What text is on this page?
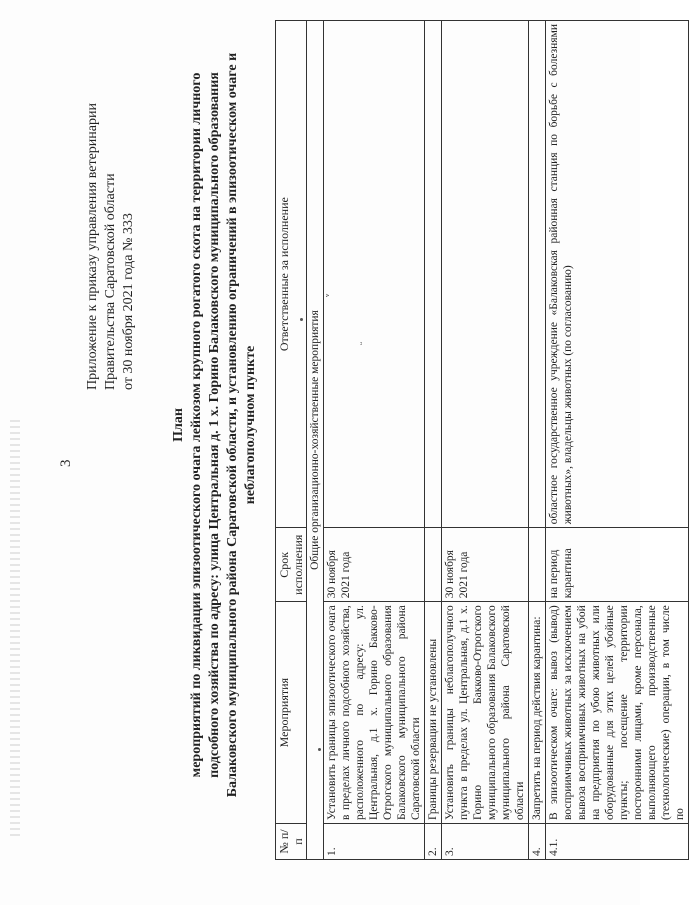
3
Приложение к приказу управления ветеринарии Правительства Саратовской области от 30 ноября 2021 года № 333
План мероприятий по ликвидации эпизоотического очага лейкозом крупного рогатого скота на территории личного подсобного хозяйства по адресу: улица Центральная д. 1 х. Горино Балаковского муниципального образования Балаковского муниципального района Саратовской области, и установлению ограничений в эпизоотическом очаге и неблагополучном пункте
№ п/п	Мероприятия	Срок исполнения	Ответственные за исполнение
Общие организационно-хозяйственные мероприятия			
1.	Установить границы эпизоотического очага в пределах личного подсобного хозяйства, расположенного по адресу: ул. Центральная, д.1 х. Горино Бакково-Отрогского муниципального образования Балаковского муниципального района Саратовской области	30 ноября 2021 года	
2.	Границы резервации не установлены		
3.	Установить границы неблагополучного пункта в пределах ул. Центральная, д.1 х. Горино Бакково-Отрогского муниципального образования Балаковского муниципального района Саратовской области	30 ноября 2021 года	
4.	Запретить на период действия карантина:		
4.1.	В эпизоотическом очаге: вывоз (вывод) восприимчивых животных за исключением вывоза восприимчивых животных на убой на предприятия по убою животных или оборудованные для этих целей убойные пункты; посещение территории посторонними лицами, кроме персонала, выполняющего производственные (технологические) операции, в том числе по	на период карантина	областное государственное учреждение «Балаковская районная станция по борьбе с болезнями животных», владельцы животных (по согласованию)
ᵛ
ᵕ
